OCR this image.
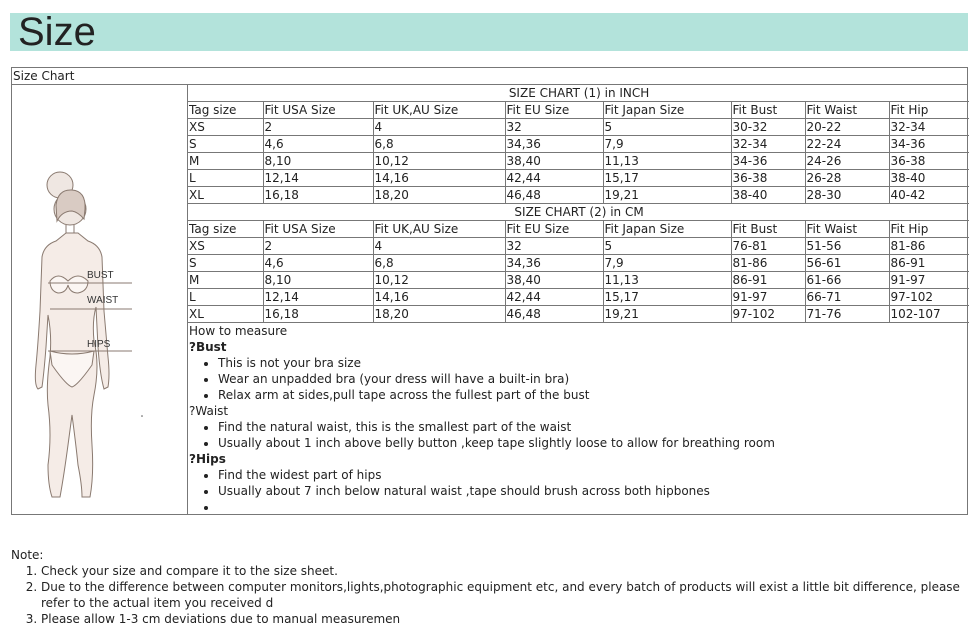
Size
Size Chart
BUST
WAIST
HIPS
SIZE CHART (1) in INCH							
Tag size	Fit USA Size	Fit UK,AU Size	Fit EU Size	Fit Japan Size	Fit Bust	Fit Waist	Fit Hip
XS	2	4	32	5	30-32	20-22	32-34
S	4,6	6,8	34,36	7,9	32-34	22-24	34-36
M	8,10	10,12	38,40	11,13	34-36	24-26	36-38
L	12,14	14,16	42,44	15,17	36-38	26-28	38-40
XL	16,18	18,20	46,48	19,21	38-40	28-30	40-42
SIZE CHART (2) in CM							
Tag size	Fit USA Size	Fit UK,AU Size	Fit EU Size	Fit Japan Size	Fit Bust	Fit Waist	Fit Hip
XS	2	4	32	5	76-81	51-56	81-86
S	4,6	6,8	34,36	7,9	81-86	56-61	86-91
M	8,10	10,12	38,40	11,13	86-91	61-66	91-97
L	12,14	14,16	42,44	15,17	91-97	66-71	97-102
XL	16,18	18,20	46,48	19,21	97-102	71-76	102-107
How to measure
?Bust
• This is not your bra size
• Wear an unpadded bra (your dress will have a built-in bra)
• Relax arm at sides,pull tape across the fullest part of the bust
?Waist
• Find the natural waist, this is the smallest part of the waist
• Usually about 1 inch above belly button ,keep tape slightly loose to allow for breathing room
?Hips
• Find the widest part of hips
• Usually about 7 inch below natural waist ,tape should brush across both hipbones
•
Note:
1. Check your size and compare it to the size sheet.
2. Due to the difference between computer monitors,lights,photographic equipment etc, and every batch of products will exist a little bit difference, please refer to the actual item you received d
3. Please allow 1-3 cm deviations due to manual measuremen
